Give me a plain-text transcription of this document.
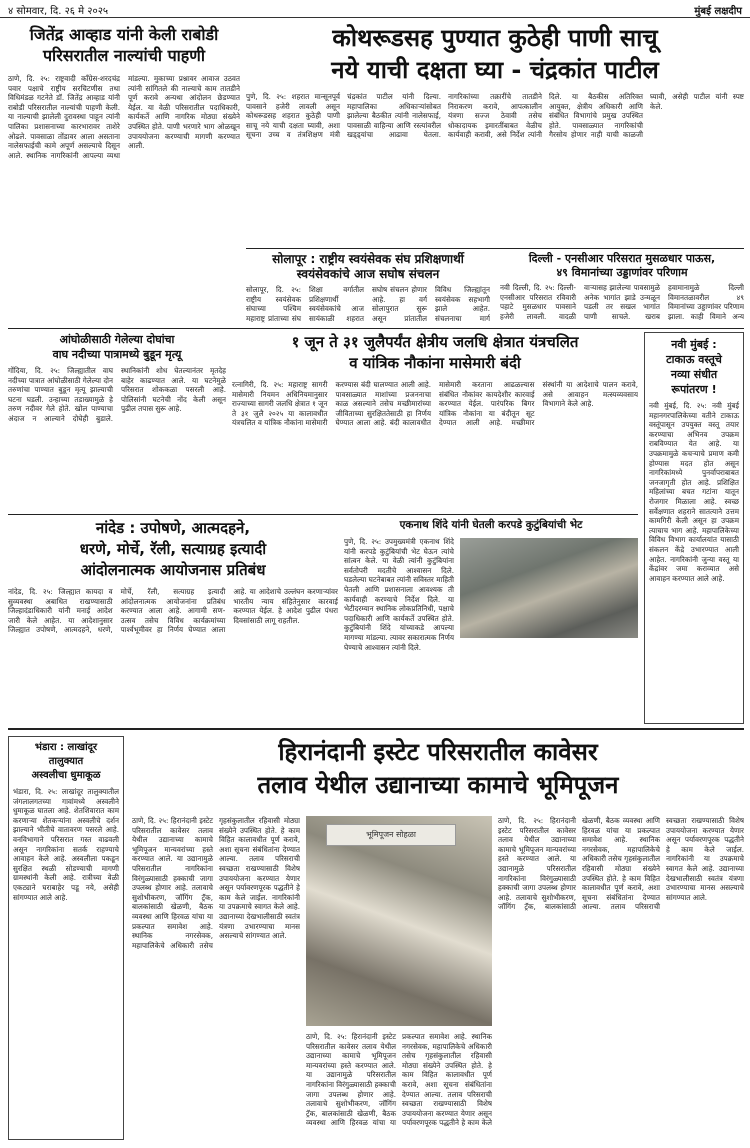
४ सोमवार, दि. २६ मे २०२५	मुंबई लक्षदीप
जितेंद्र आव्हाड यांनी केली राबोडी परिसरातील नाल्यांची पाहणी
ठाणे, दि. २५: राष्ट्रवादी काँग्रेस-शरदचंद्र पवार पक्षाचे राष्ट्रीय सरचिटणीस तथा विधिमंडळ गटनेते डॉ. जितेंद्र आव्हाड यांनी राबोडी परिसरातील नाल्यांची पाहणी केली. या नाल्याची झालेली दुरावस्था पाहून त्यांनी पालिका प्रशासनाच्या कारभारावर ताशेरे ओढले. पावसाळा तोंडावर आला असताना नालेसफाईची कामे अपूर्ण असल्याचे दिसून आले. स्थानिक नागरिकांनी आपल्या व्यथा मांडल्या. मुकाच्या प्रश्नावर आवाज उठवत त्यांनी सांगितले की नाल्याचे काम तातडीने पूर्ण करावे अन्यथा आंदोलन छेडण्यात येईल. या वेळी परिसरातील पदाधिकारी, कार्यकर्ते आणि नागरिक मोठ्या संख्येने उपस्थित होते. पाणी भरणारे भाग ओळखून उपाययोजना करण्याची मागणी करण्यात आली.
कोथरूडसह पुण्यात कुठेही पाणी साचू
नये याची दक्षता घ्या - चंद्रकांत पाटील
पुणे, दि. २५: शहरात मान्सूनपूर्व पावसाने हजेरी लावली असून कोथरूडसह शहरात कुठेही पाणी साचू नये याची दक्षता घ्यावी, अशा सूचना उच्च व तंत्रशिक्षण मंत्री चंद्रकांत पाटील यांनी दिल्या. महापालिका अधिकाऱ्यांसोबत झालेल्या बैठकीत त्यांनी नालेसफाई, पावसाळी वाहिन्या आणि रस्त्यांवरील खड्ड्यांचा आढावा घेतला. नागरिकांच्या तक्रारींचे तातडीने निराकरण करावे, आपत्कालीन यंत्रणा सज्ज ठेवावी तसेच धोकादायक इमारतींबाबत वेळीच कार्यवाही करावी, असे निर्देश त्यांनी दिले. या बैठकीस अतिरिक्त आयुक्त, क्षेत्रीय अधिकारी आणि संबंधित विभागांचे प्रमुख उपस्थित होते. पावसाळ्यात नागरिकांची गैरसोय होणार नाही याची काळजी घ्यावी, असेही पाटील यांनी स्पष्ट केले.
सोलापूर : राष्ट्रीय स्वयंसेवक संघ प्रशिक्षणार्थी
स्वयंसेवकांचे आज सघोष संचलन
सोलापूर, दि. २५: राष्ट्रीय स्वयंसेवक संघाच्या पश्चिम महाराष्ट्र प्रांताच्या संघ शिक्षा वर्गातील प्रशिक्षणार्थी स्वयंसेवकांचे आज सायंकाळी शहरात सघोष संचलन होणार आहे. हा वर्ग सोलापुरात सुरू असून प्रांतातील विविध जिल्ह्यांतून स्वयंसेवक सहभागी झाले आहेत. संचलनाचा मार्ग
दिल्ली - एनसीआर परिसरात मुसळधार पाऊस,
४९ विमानांच्या उड्डाणांवर परिणाम
नवी दिल्ली, दि. २५: दिल्ली-एनसीआर परिसरात रविवारी पहाटे मुसळधार पावसाने हजेरी लावली. वादळी वाऱ्यासह झालेल्या पावसामुळे अनेक भागांत झाडे उन्मळून पडली तर सखल भागांत पाणी साचले. खराब हवामानामुळे दिल्ली विमानतळावरील ४९ विमानांच्या उड्डाणांवर परिणाम झाला. काही विमाने अन्य
आंघोळीसाठी गेलेल्या दोघांचा
वाघ नदीच्या पात्रामध्ये बुडून मृत्यू
गोंदिया, दि. २५: जिल्ह्यातील वाघ नदीच्या पात्रात आंघोळीसाठी गेलेल्या दोन तरुणांचा पाण्यात बुडून मृत्यू झाल्याची घटना घडली. उन्हाच्या तडाख्यामुळे हे तरुण नदीवर गेले होते. खोल पाण्याचा अंदाज न आल्याने दोघेही बुडाले. स्थानिकांनी शोध घेतल्यानंतर मृतदेह बाहेर काढण्यात आले. या घटनेमुळे परिसरात शोककळा पसरली आहे. पोलिसांनी घटनेची नोंद केली असून पुढील तपास सुरू आहे.
१ जून ते ३१ जुलैपर्यंत क्षेत्रीय जलधि क्षेत्रात यंत्रचलित
व यांत्रिक नौकांना मासेमारी बंदी
रत्नागिरी, दि. २५: महाराष्ट्र सागरी मासेमारी नियमन अधिनियमानुसार राज्याच्या सागरी जलधि क्षेत्रात १ जून ते ३१ जुलै २०२५ या कालावधीत यंत्रचलित व यांत्रिक नौकांना मासेमारी करण्यास बंदी घालण्यात आली आहे. पावसाळ्यात माशांच्या प्रजननाचा काळ असल्याने तसेच मच्छीमारांच्या जीविताच्या सुरक्षिततेसाठी हा निर्णय घेण्यात आला आहे. बंदी कालावधीत मासेमारी करताना आढळल्यास संबंधित नौकांवर कायदेशीर कारवाई करण्यात येईल. पारंपरिक बिगर यांत्रिक नौकांना या बंदीतून सूट देण्यात आली आहे. मच्छीमार संस्थांनी या आदेशाचे पालन करावे, असे आवाहन मत्स्यव्यवसाय विभागाने केले आहे.
नवी मुंबई :
टाकाऊ वस्तूचे
नव्या संधीत
रूपांतरण !
नवी मुंबई, दि. २५: नवी मुंबई महानगरपालिकेच्या वतीने टाकाऊ वस्तूंपासून उपयुक्त वस्तू तयार करण्याचा अभिनव उपक्रम राबविण्यात येत आहे. या उपक्रमामुळे कचऱ्याचे प्रमाण कमी होण्यास मदत होत असून नागरिकांमध्ये पुनर्वापराबाबत जनजागृती होत आहे. प्रशिक्षित महिलांच्या बचत गटांना यातून रोजगार मिळाला आहे. स्वच्छ सर्वेक्षणात शहराने सातत्याने उत्तम कामगिरी केली असून हा उपक्रम त्याचाच भाग आहे. महापालिकेच्या विविध विभाग कार्यालयांत यासाठी संकलन केंद्रे उभारण्यात आली आहेत. नागरिकांनी जुन्या वस्तू या केंद्रांवर जमा कराव्यात असे आवाहन करण्यात आले आहे.
नांदेड : उपोषणे, आत्मदहने,
धरणे, मोर्चे, रॅली, सत्याग्रह इत्यादी
आंदोलनात्मक आयोजनास प्रतिबंध
नांदेड, दि. २५: जिल्ह्यात कायदा व सुव्यवस्था अबाधित राखण्यासाठी जिल्हादंडाधिकारी यांनी मनाई आदेश जारी केले आहेत. या आदेशानुसार जिल्ह्यात उपोषणे, आत्मदहने, धरणे, मोर्चे, रॅली, सत्याग्रह इत्यादी आंदोलनात्मक आयोजनांना प्रतिबंध करण्यात आला आहे. आगामी सण-उत्सव तसेच विविध कार्यक्रमांच्या पार्श्वभूमीवर हा निर्णय घेण्यात आला आहे. या आदेशाचे उल्लंघन करणाऱ्यांवर भारतीय न्याय संहितेनुसार कारवाई करण्यात येईल. हे आदेश पुढील पंधरा दिवसांसाठी लागू राहतील.
एकनाथ शिंदे यांनी घेतली करपडे कुटुंबियांची भेट
पुणे, दि. २५: उपमुख्यमंत्री एकनाथ शिंदे यांनी करपडे कुटुंबियांची भेट घेऊन त्यांचे सांत्वन केले. या वेळी त्यांनी कुटुंबियांना सर्वतोपरी मदतीचे आश्वासन दिले. घडलेल्या घटनेबाबत त्यांनी सविस्तर माहिती घेतली आणि प्रशासनाला आवश्यक ती कार्यवाही करण्याचे निर्देश दिले. या भेटीदरम्यान स्थानिक लोकप्रतिनिधी, पक्षाचे पदाधिकारी आणि कार्यकर्ते उपस्थित होते. कुटुंबियांनी शिंदे यांच्याकडे आपल्या मागण्या मांडल्या. त्यावर सकारात्मक निर्णय घेण्याचे आश्वासन त्यांनी दिले.
भंडारा : लाखांदूर
तालुक्यात
अस्वलीचा धुमाकूळ
भंडारा, दि. २५: लाखांदूर तालुक्यातील जंगलालगतच्या गावांमध्ये अस्वलीने धुमाकूळ घातला आहे. शेतशिवारात काम करणाऱ्या शेतकऱ्यांना अस्वलीचे दर्शन झाल्याने भीतीचे वातावरण पसरले आहे. वनविभागाने परिसरात गस्त वाढवली असून नागरिकांना सतर्क राहण्याचे आवाहन केले आहे. अस्वलीला पकडून सुरक्षित स्थळी सोडण्याची मागणी ग्रामस्थांनी केली आहे. रात्रीच्या वेळी एकट्याने घराबाहेर पडू नये, असेही सांगण्यात आले आहे.
हिरानंदानी इस्टेट परिसरातील कावेसर
तलाव येथील उद्यानाच्या कामाचे भूमिपूजन
ठाणे, दि. २५: हिरानंदानी इस्टेट परिसरातील कावेसर तलाव येथील उद्यानाच्या कामाचे भूमिपूजन मान्यवरांच्या हस्ते करण्यात आले. या उद्यानामुळे परिसरातील नागरिकांना विरंगुळ्यासाठी हक्काची जागा उपलब्ध होणार आहे. तलावाचे सुशोभीकरण, जॉगिंग ट्रॅक, बालकांसाठी खेळणी, बैठक व्यवस्था आणि हिरवळ यांचा या प्रकल्पात समावेश आहे. स्थानिक नगरसेवक, महापालिकेचे अधिकारी तसेच गृहसंकुलातील रहिवासी मोठ्या संख्येने उपस्थित होते. हे काम विहित कालावधीत पूर्ण करावे, अशा सूचना संबंधितांना देण्यात आल्या. तलाव परिसराची स्वच्छता राखण्यासाठी विशेष उपाययोजना करण्यात येणार असून पर्यावरणपूरक पद्धतीने हे काम केले जाईल. नागरिकांनी या उपक्रमाचे स्वागत केले आहे. उद्यानाच्या देखभालीसाठी स्वतंत्र यंत्रणा उभारण्याचा मानस असल्याचे सांगण्यात आले.
भूमिपूजन सोहळा
ठाणे, दि. २५: हिरानंदानी इस्टेट परिसरातील कावेसर तलाव येथील उद्यानाच्या कामाचे भूमिपूजन मान्यवरांच्या हस्ते करण्यात आले. या उद्यानामुळे परिसरातील नागरिकांना विरंगुळ्यासाठी हक्काची जागा उपलब्ध होणार आहे. तलावाचे सुशोभीकरण, जॉगिंग ट्रॅक, बालकांसाठी खेळणी, बैठक व्यवस्था आणि हिरवळ यांचा या प्रकल्पात समावेश आहे. स्थानिक नगरसेवक, महापालिकेचे अधिकारी तसेच गृहसंकुलातील रहिवासी मोठ्या संख्येने उपस्थित होते. हे काम विहित कालावधीत पूर्ण करावे, अशा सूचना संबंधितांना देण्यात आल्या. तलाव परिसराची स्वच्छता राखण्यासाठी विशेष उपाययोजना करण्यात येणार असून पर्यावरणपूरक पद्धतीने हे काम केले
ठाणे, दि. २५: हिरानंदानी इस्टेट परिसरातील कावेसर तलाव येथील उद्यानाच्या कामाचे भूमिपूजन मान्यवरांच्या हस्ते करण्यात आले. या उद्यानामुळे परिसरातील नागरिकांना विरंगुळ्यासाठी हक्काची जागा उपलब्ध होणार आहे. तलावाचे सुशोभीकरण, जॉगिंग ट्रॅक, बालकांसाठी खेळणी, बैठक व्यवस्था आणि हिरवळ यांचा या प्रकल्पात समावेश आहे. स्थानिक नगरसेवक, महापालिकेचे अधिकारी तसेच गृहसंकुलातील रहिवासी मोठ्या संख्येने उपस्थित होते. हे काम विहित कालावधीत पूर्ण करावे, अशा सूचना संबंधितांना देण्यात आल्या. तलाव परिसराची स्वच्छता राखण्यासाठी विशेष उपाययोजना करण्यात येणार असून पर्यावरणपूरक पद्धतीने हे काम केले जाईल. नागरिकांनी या उपक्रमाचे स्वागत केले आहे. उद्यानाच्या देखभालीसाठी स्वतंत्र यंत्रणा उभारण्याचा मानस असल्याचे सांगण्यात आले.
